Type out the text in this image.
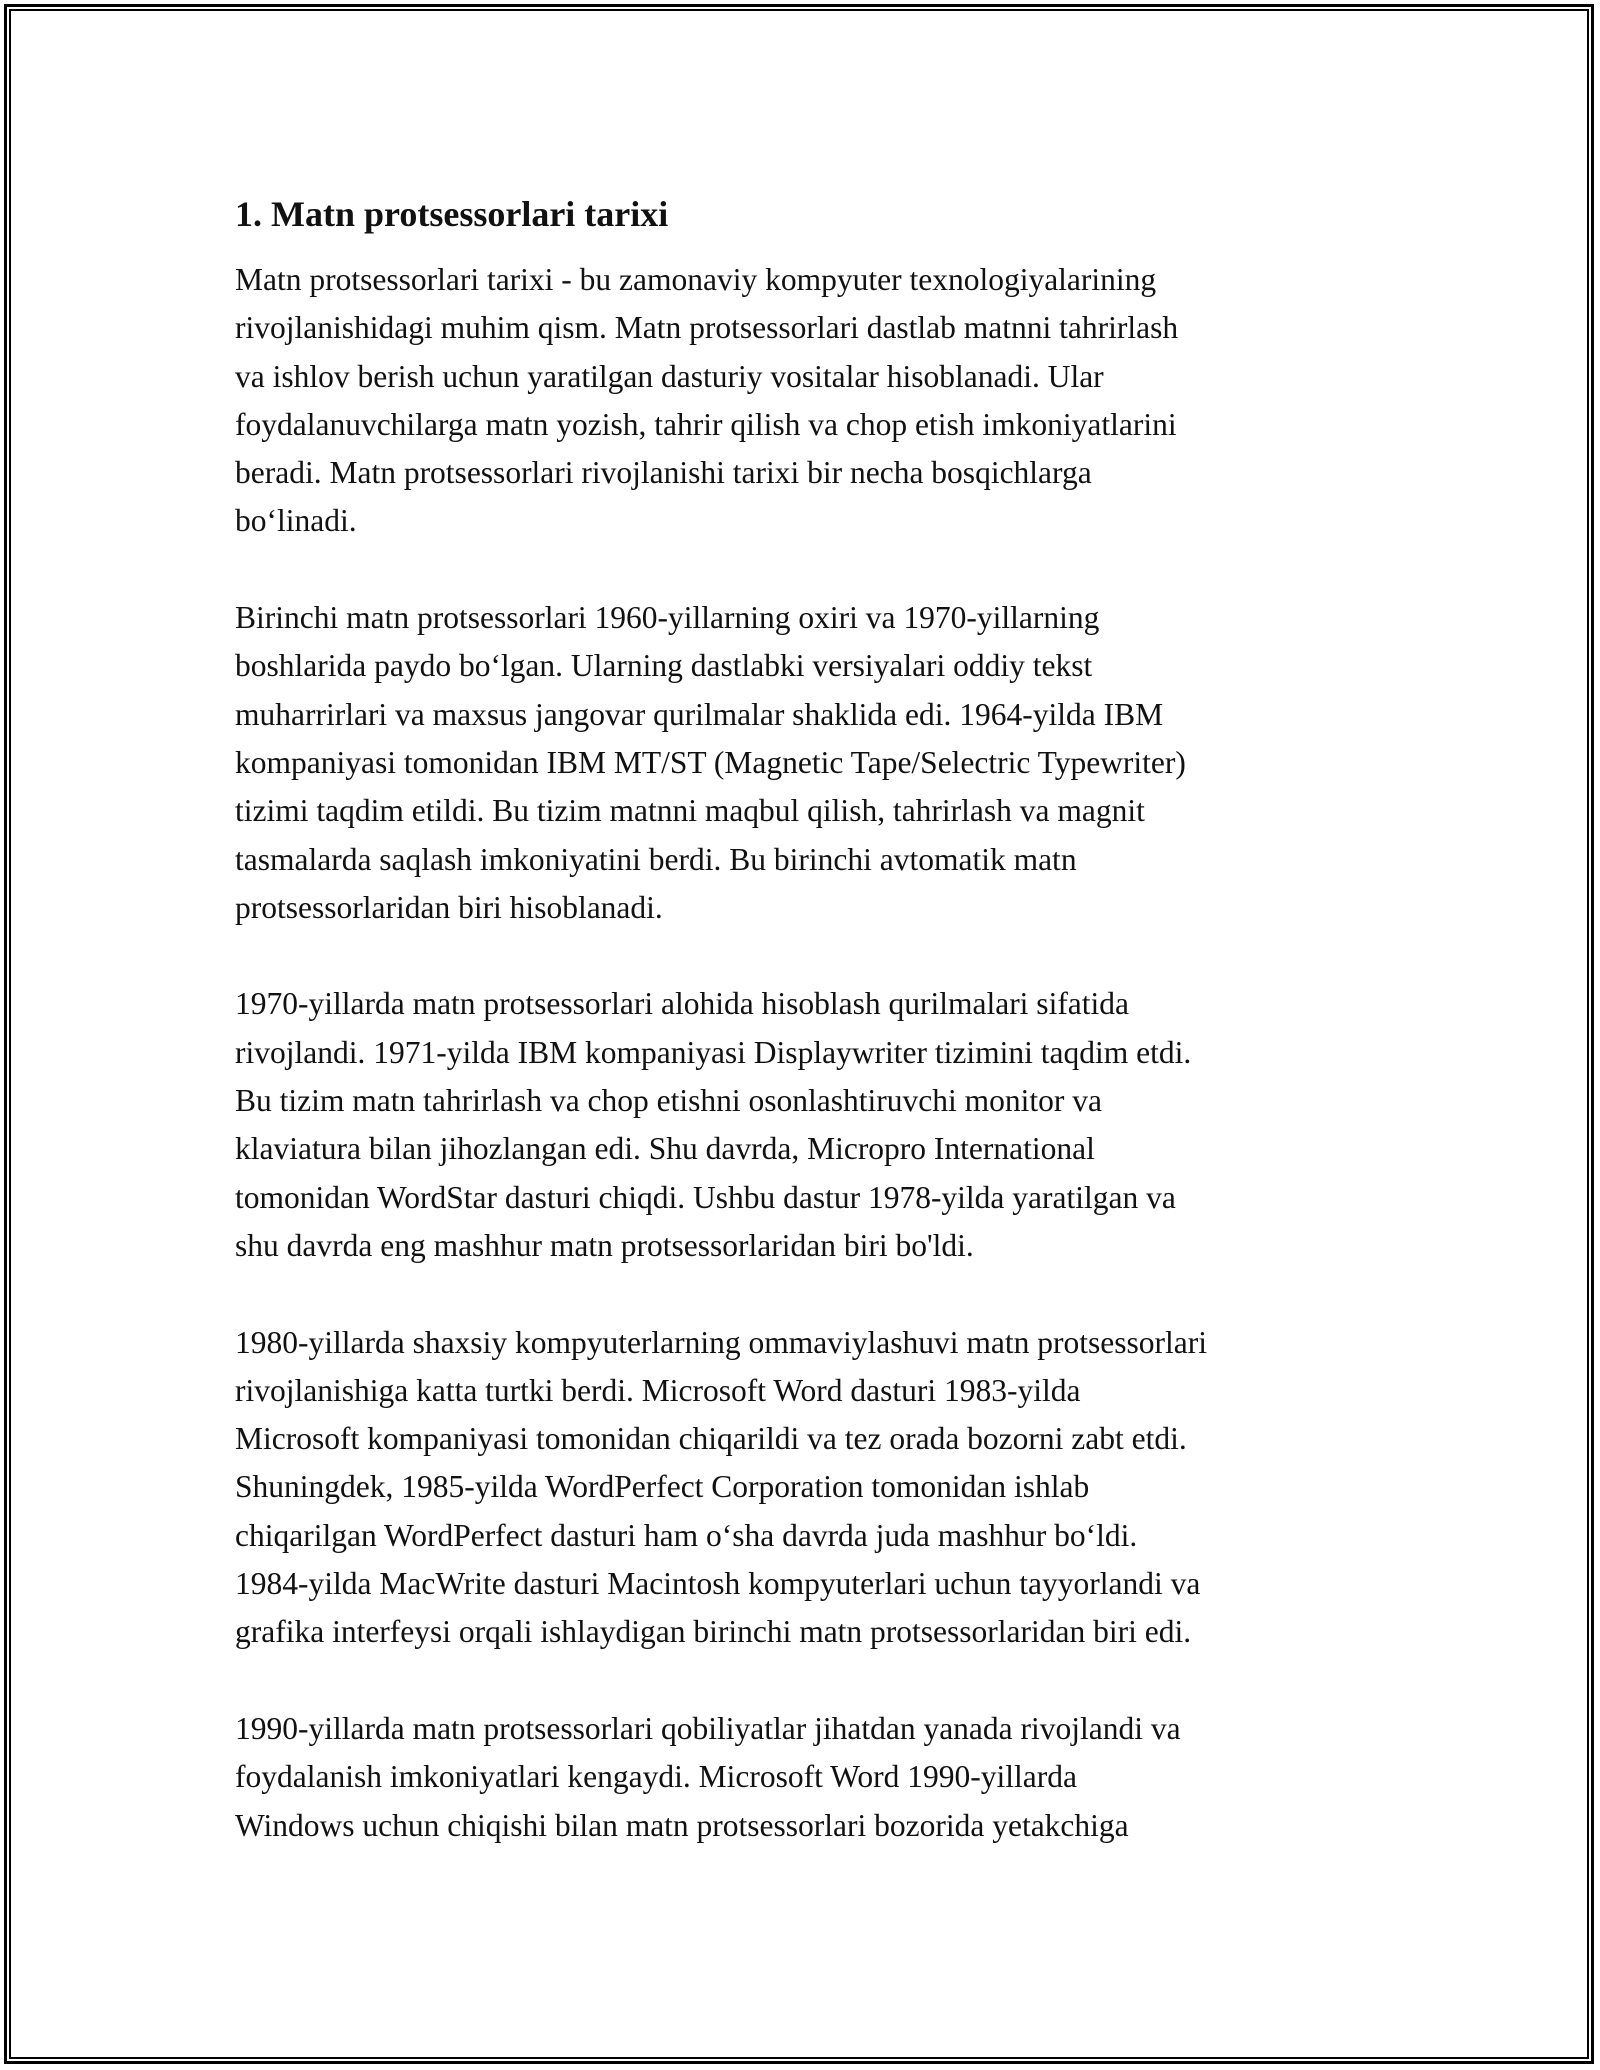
1. Matn protsessorlari tarixi
Matn protsessorlari tarixi - bu zamonaviy kompyuter texnologiyalarining
rivojlanishidagi muhim qism. Matn protsessorlari dastlab matnni tahrirlash
va ishlov berish uchun yaratilgan dasturiy vositalar hisoblanadi. Ular
foydalanuvchilarga matn yozish, tahrir qilish va chop etish imkoniyatlarini
beradi. Matn protsessorlari rivojlanishi tarixi bir necha bosqichlarga
boʻlinadi.
Birinchi matn protsessorlari 1960-yillarning oxiri va 1970-yillarning
boshlarida paydo boʻlgan. Ularning dastlabki versiyalari oddiy tekst
muharrirlari va maxsus jangovar qurilmalar shaklida edi. 1964-yilda IBM
kompaniyasi tomonidan IBM MT/ST (Magnetic Tape/Selectric Typewriter)
tizimi taqdim etildi. Bu tizim matnni maqbul qilish, tahrirlash va magnit
tasmalarda saqlash imkoniyatini berdi. Bu birinchi avtomatik matn
protsessorlaridan biri hisoblanadi.
1970-yillarda matn protsessorlari alohida hisoblash qurilmalari sifatida
rivojlandi. 1971-yilda IBM kompaniyasi Displaywriter tizimini taqdim etdi.
Bu tizim matn tahrirlash va chop etishni osonlashtiruvchi monitor va
klaviatura bilan jihozlangan edi. Shu davrda, Micropro International
tomonidan WordStar dasturi chiqdi. Ushbu dastur 1978-yilda yaratilgan va
shu davrda eng mashhur matn protsessorlaridan biri bo'ldi.
1980-yillarda shaxsiy kompyuterlarning ommaviylashuvi matn protsessorlari
rivojlanishiga katta turtki berdi. Microsoft Word dasturi 1983-yilda
Microsoft kompaniyasi tomonidan chiqarildi va tez orada bozorni zabt etdi.
Shuningdek, 1985-yilda WordPerfect Corporation tomonidan ishlab
chiqarilgan WordPerfect dasturi ham oʻsha davrda juda mashhur boʻldi.
1984-yilda MacWrite dasturi Macintosh kompyuterlari uchun tayyorlandi va
grafika interfeysi orqali ishlaydigan birinchi matn protsessorlaridan biri edi.
1990-yillarda matn protsessorlari qobiliyatlar jihatdan yanada rivojlandi va
foydalanish imkoniyatlari kengaydi. Microsoft Word 1990-yillarda
Windows uchun chiqishi bilan matn protsessorlari bozorida yetakchiga
